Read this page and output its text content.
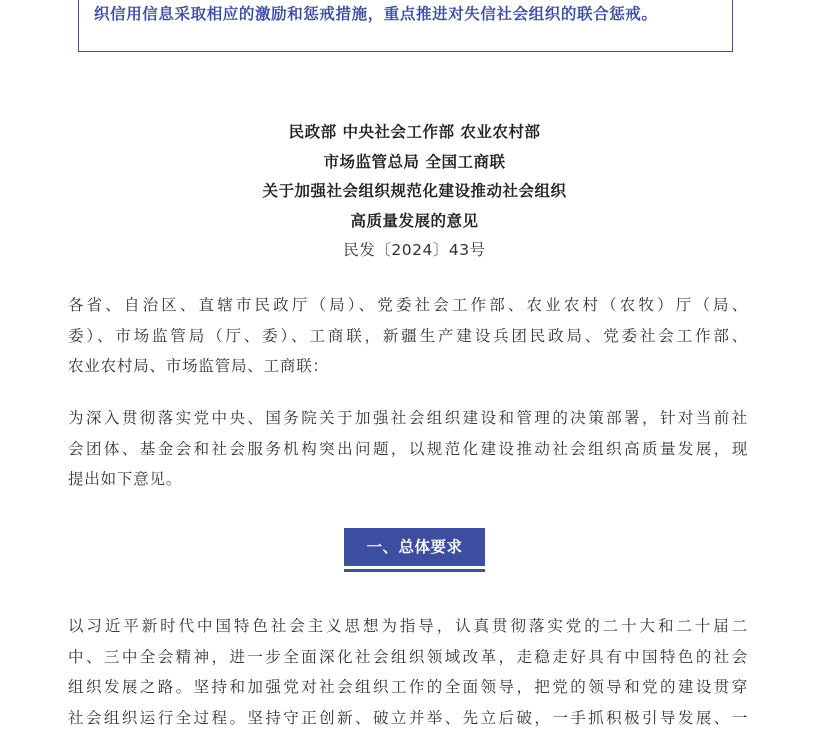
织信用信息采取相应的激励和惩戒措施，重点推进对失信社会组织的联合惩戒。
民政部 中央社会工作部 农业农村部
市场监管总局 全国工商联
关于加强社会组织规范化建设推动社会组织
高质量发展的意见
民发〔2024〕43号
各省、自治区、直辖市民政厅（局）、党委社会工作部、农业农村（农牧）厅（局、
委）、市场监管局（厅、委）、工商联，新疆生产建设兵团民政局、党委社会工作部、
农业农村局、市场监管局、工商联：
为深入贯彻落实党中央、国务院关于加强社会组织建设和管理的决策部署，针对当前社
会团体、基金会和社会服务机构突出问题，以规范化建设推动社会组织高质量发展，现
提出如下意见。
一、总体要求
以习近平新时代中国特色社会主义思想为指导，认真贯彻落实党的二十大和二十届二
中、三中全会精神，进一步全面深化社会组织领域改革，走稳走好具有中国特色的社会
组织发展之路。坚持和加强党对社会组织工作的全面领导，把党的领导和党的建设贯穿
社会组织运行全过程。坚持守正创新、破立并举、先立后破，一手抓积极引导发展、一
